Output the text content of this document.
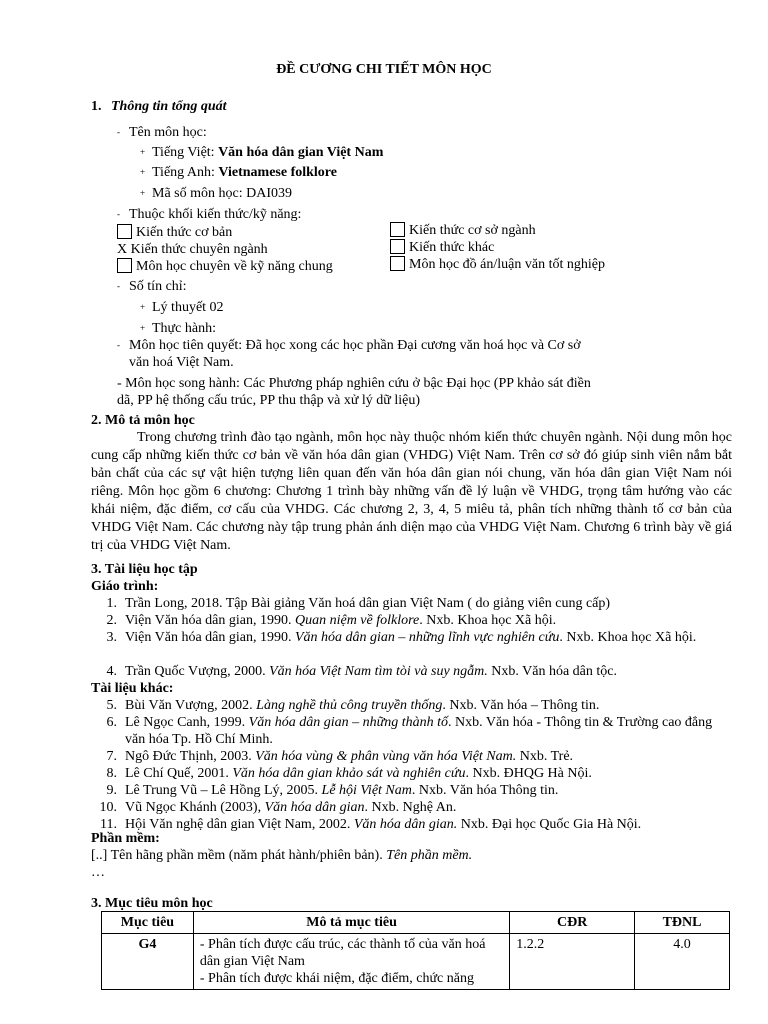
ĐỀ CƯƠNG CHI TIẾT MÔN HỌC
1. Thông tin tổng quát
- Tên môn học:
+ Tiếng Việt: Văn hóa dân gian Việt Nam
+ Tiếng Anh: Vietnamese folklore
+ Mã số môn học: DAI039
- Thuộc khối kiến thức/kỹ năng:
Kiến thức cơ bản
X Kiến thức chuyên ngành
Môn học chuyên về kỹ năng chung
Kiến thức cơ sở ngành
Kiến thức khác
Môn học đồ án/luận văn tốt nghiệp
- Số tín chỉ:
+ Lý thuyết 02
+ Thực hành:
- Môn học tiên quyết: Đã học xong các học phần Đại cương văn hoá học và Cơ sở
văn hoá Việt Nam.
- Môn học song hành: Các Phương pháp nghiên cứu ở bậc Đại học (PP khảo sát điền
dã, PP hệ thống cấu trúc, PP thu thập và xử lý dữ liệu)
2. Mô tả môn học
Trong chương trình đào tạo ngành, môn học này thuộc nhóm kiến thức chuyên ngành. Nội dung môn học cung cấp những kiến thức cơ bản về văn hóa dân gian (VHDG) Việt Nam. Trên cơ sở đó giúp sinh viên nắm bắt bản chất của các sự vật hiện tượng liên quan đến văn hóa dân gian nói chung, văn hóa dân gian Việt Nam nói riêng. Môn học gồm 6 chương: Chương 1 trình bày những vấn đề lý luận về VHDG, trọng tâm hướng vào các khái niệm, đặc điểm, cơ cấu của VHDG. Các chương 2, 3, 4, 5 miêu tả, phân tích những thành tố cơ bản của VHDG Việt Nam. Các chương này tập trung phản ánh diện mạo của VHDG Việt Nam. Chương 6 trình bày về giá trị của VHDG Việt Nam.
3. Tài liệu học tập
Giáo trình:
1. Trần Long, 2018. Tập Bài giảng Văn hoá dân gian Việt Nam ( do giảng viên cung cấp)
2. Viện Văn hóa dân gian, 1990. Quan niệm về folklore. Nxb. Khoa học Xã hội.
3. Viện Văn hóa dân gian, 1990. Văn hóa dân gian – những lĩnh vực nghiên cứu. Nxb. Khoa học Xã hội.
4. Trần Quốc Vượng, 2000. Văn hóa Việt Nam tìm tòi và suy ngẫm. Nxb. Văn hóa dân tộc.
Tài liệu khác:
5. Bùi Văn Vượng, 2002. Làng nghề thủ công truyền thống. Nxb. Văn hóa – Thông tin.
6. Lê Ngọc Canh, 1999. Văn hóa dân gian – những thành tố. Nxb. Văn hóa - Thông tin & Trường cao đẳng văn hóa Tp. Hồ Chí Minh.
7. Ngô Đức Thịnh, 2003. Văn hóa vùng & phân vùng văn hóa Việt Nam. Nxb. Trẻ.
8. Lê Chí Quế, 2001. Văn hóa dân gian khảo sát và nghiên cứu. Nxb. ĐHQG Hà Nội.
9. Lê Trung Vũ – Lê Hồng Lý, 2005. Lễ hội Việt Nam. Nxb. Văn hóa Thông tin.
10. Vũ Ngọc Khánh (2003), Văn hóa dân gian. Nxb. Nghệ An.
11. Hội Văn nghệ dân gian Việt Nam, 2002. Văn hóa dân gian. Nxb. Đại học Quốc Gia Hà Nội.
Phần mềm:
[..] Tên hãng phần mềm (năm phát hành/phiên bản). Tên phần mềm.
…
3. Mục tiêu môn học
Mục tiêu	Mô tả mục tiêu	CĐR	TĐNL
G4	- Phân tích được cấu trúc, các thành tố của văn hoá dân gian Việt Nam
- Phân tích được khái niệm, đặc điểm, chức năng	1.2.2	4.0
